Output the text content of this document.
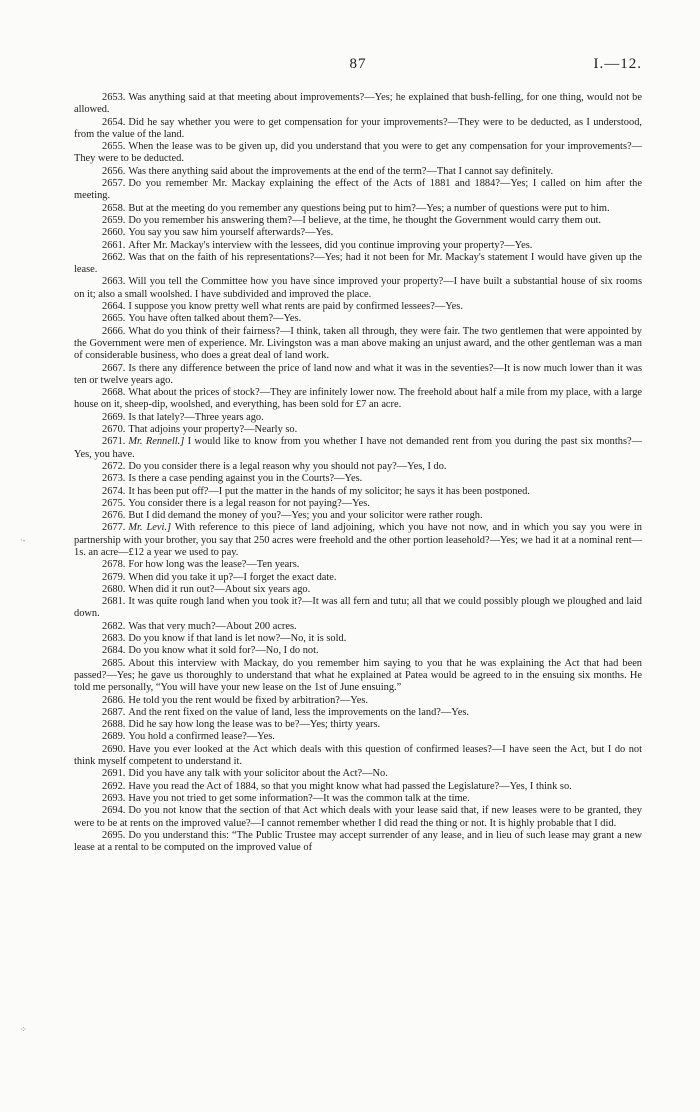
87	I.—12.
·-
⁘

2653. Was anything said at that meeting about improvements?—Yes; he explained that bush-felling, for one thing, would not be allowed.

2654. Did he say whether you were to get compensation for your improvements?—They were to be deducted, as I understood, from the value of the land.

2655. When the lease was to be given up, did you understand that you were to get any compensation for your improvements?—They were to be deducted.

2656. Was there anything said about the improvements at the end of the term?—That I cannot say definitely.

2657. Do you remember Mr. Mackay explaining the effect of the Acts of 1881 and 1884?—Yes; I called on him after the meeting.

2658. But at the meeting do you remember any questions being put to him?—Yes; a number of questions were put to him.

2659. Do you remember his answering them?—I believe, at the time, he thought the Government would carry them out.

2660. You say you saw him yourself afterwards?—Yes.

2661. After Mr. Mackay's interview with the lessees, did you continue improving your property?—Yes.

2662. Was that on the faith of his representations?—Yes; had it not been for Mr. Mackay's statement I would have given up the lease.

2663. Will you tell the Committee how you have since improved your property?—I have built a substantial house of six rooms on it; also a small woolshed. I have subdivided and improved the place.

2664. I suppose you know pretty well what rents are paid by confirmed lessees?—Yes.

2665. You have often talked about them?—Yes.

2666. What do you think of their fairness?—I think, taken all through, they were fair. The two gentlemen that were appointed by the Government were men of experience. Mr. Livingston was a man above making an unjust award, and the other gentleman was a man of considerable business, who does a great deal of land work.

2667. Is there any difference between the price of land now and what it was in the seventies?—It is now much lower than it was ten or twelve years ago.

2668. What about the prices of stock?—They are infinitely lower now. The freehold about half a mile from my place, with a large house on it, sheep-dip, woolshed, and everything, has been sold for £7 an acre.

2669. Is that lately?—Three years ago.

2670. That adjoins your property?—Nearly so.

2671. Mr. Rennell.] I would like to know from you whether I have not demanded rent from you during the past six months?—Yes, you have.

2672. Do you consider there is a legal reason why you should not pay?—Yes, I do.

2673. Is there a case pending against you in the Courts?—Yes.

2674. It has been put off?—I put the matter in the hands of my solicitor; he says it has been postponed.

2675. You consider there is a legal reason for not paying?—Yes.

2676. But I did demand the money of you?—Yes; you and your solicitor were rather rough.

2677. Mr. Levi.] With reference to this piece of land adjoining, which you have not now, and in which you say you were in partnership with your brother, you say that 250 acres were freehold and the other portion leasehold?—Yes; we had it at a nominal rent—1s. an acre—£12 a year we used to pay.

2678. For how long was the lease?—Ten years.

2679. When did you take it up?—I forget the exact date.

2680. When did it run out?—About six years ago.

2681. It was quite rough land when you took it?—It was all fern and tutu; all that we could possibly plough we ploughed and laid down.

2682. Was that very much?—About 200 acres.

2683. Do you know if that land is let now?—No, it is sold.

2684. Do you know what it sold for?—No, I do not.

2685. About this interview with Mackay, do you remember him saying to you that he was explaining the Act that had been passed?—Yes; he gave us thoroughly to understand that what he explained at Patea would be agreed to in the ensuing six months. He told me personally, “You will have your new lease on the 1st of June ensuing.”

2686. He told you the rent would be fixed by arbitration?—Yes.

2687. And the rent fixed on the value of land, less the improvements on the land?—Yes.

2688. Did he say how long the lease was to be?—Yes; thirty years.

2689. You hold a confirmed lease?—Yes.

2690. Have you ever looked at the Act which deals with this question of confirmed leases?—I have seen the Act, but I do not think myself competent to understand it.

2691. Did you have any talk with your solicitor about the Act?—No.

2692. Have you read the Act of 1884, so that you might know what had passed the Legislature?—Yes, I think so.

2693. Have you not tried to get some information?—It was the common talk at the time.

2694. Do you not know that the section of that Act which deals with your lease said that, if new leases were to be granted, they were to be at rents on the improved value?—I cannot remember whether I did read the thing or not. It is highly probable that I did.

2695. Do you understand this: “The Public Trustee may accept surrender of any lease, and in lieu of such lease may grant a new lease at a rental to be computed on the improved value of
